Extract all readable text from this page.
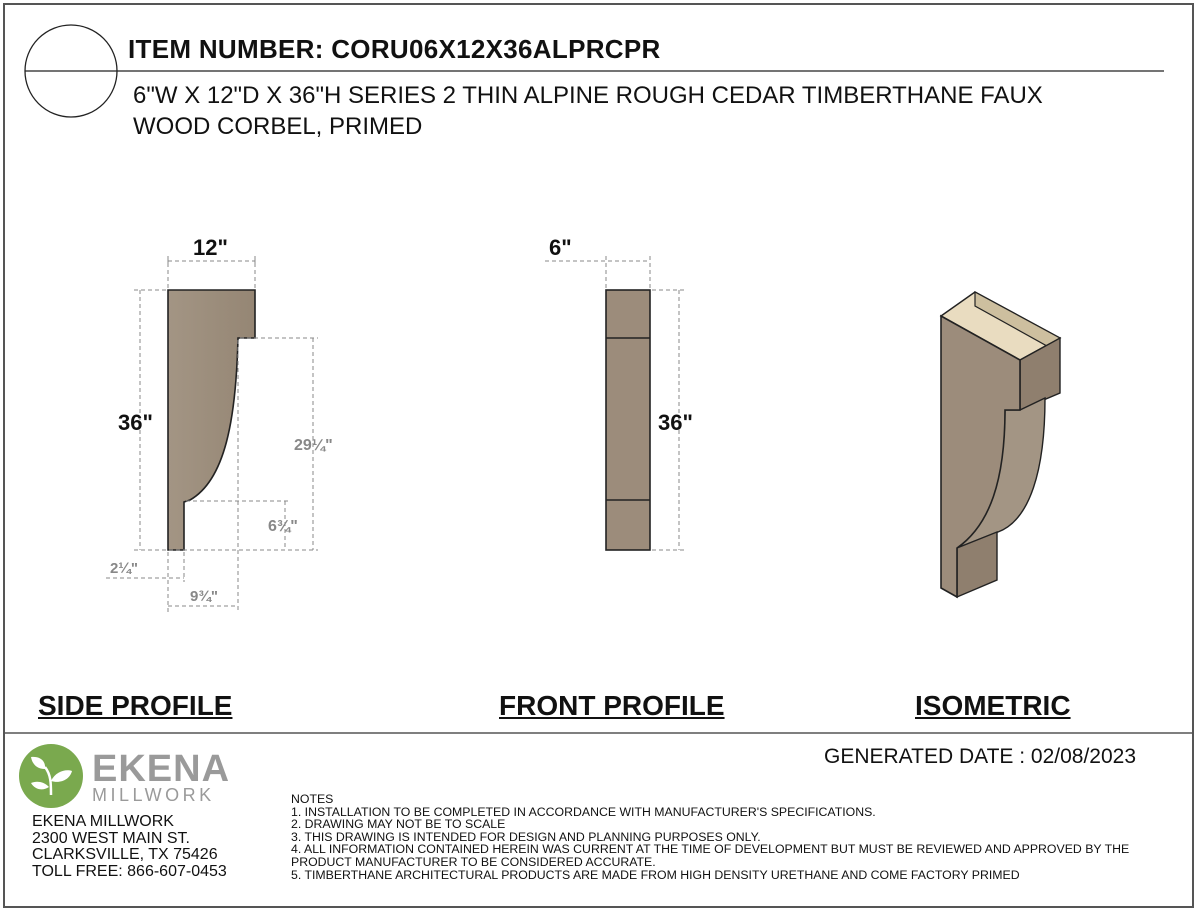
ITEM NUMBER: CORU06X12X36ALPRCPR
6"W X 12"D X 36"H SERIES 2 THIN ALPINE ROUGH CEDAR TIMBERTHANE FAUX WOOD CORBEL, PRIMED
12"
36"
29¼"
6¾"
2¼"
9¾"
6"
36"
SIDE PROFILE	FRONT PROFILE	ISOMETRIC
GENERATED DATE : 02/08/2023
EKENA
MILLWORK
EKENA MILLWORK
2300 WEST MAIN ST.
CLARKSVILLE, TX 75426
TOLL FREE: 866-607-0453
NOTES
1. INSTALLATION TO BE COMPLETED IN ACCORDANCE WITH MANUFACTURER'S SPECIFICATIONS.
2. DRAWING MAY NOT BE TO SCALE
3. THIS DRAWING IS INTENDED FOR DESIGN AND PLANNING PURPOSES ONLY.
4. ALL INFORMATION CONTAINED HEREIN WAS CURRENT AT THE TIME OF DEVELOPMENT BUT MUST BE REVIEWED AND APPROVED BY THE PRODUCT MANUFACTURER TO BE CONSIDERED ACCURATE.
5. TIMBERTHANE ARCHITECTURAL PRODUCTS ARE MADE FROM HIGH DENSITY URETHANE AND COME FACTORY PRIMED
